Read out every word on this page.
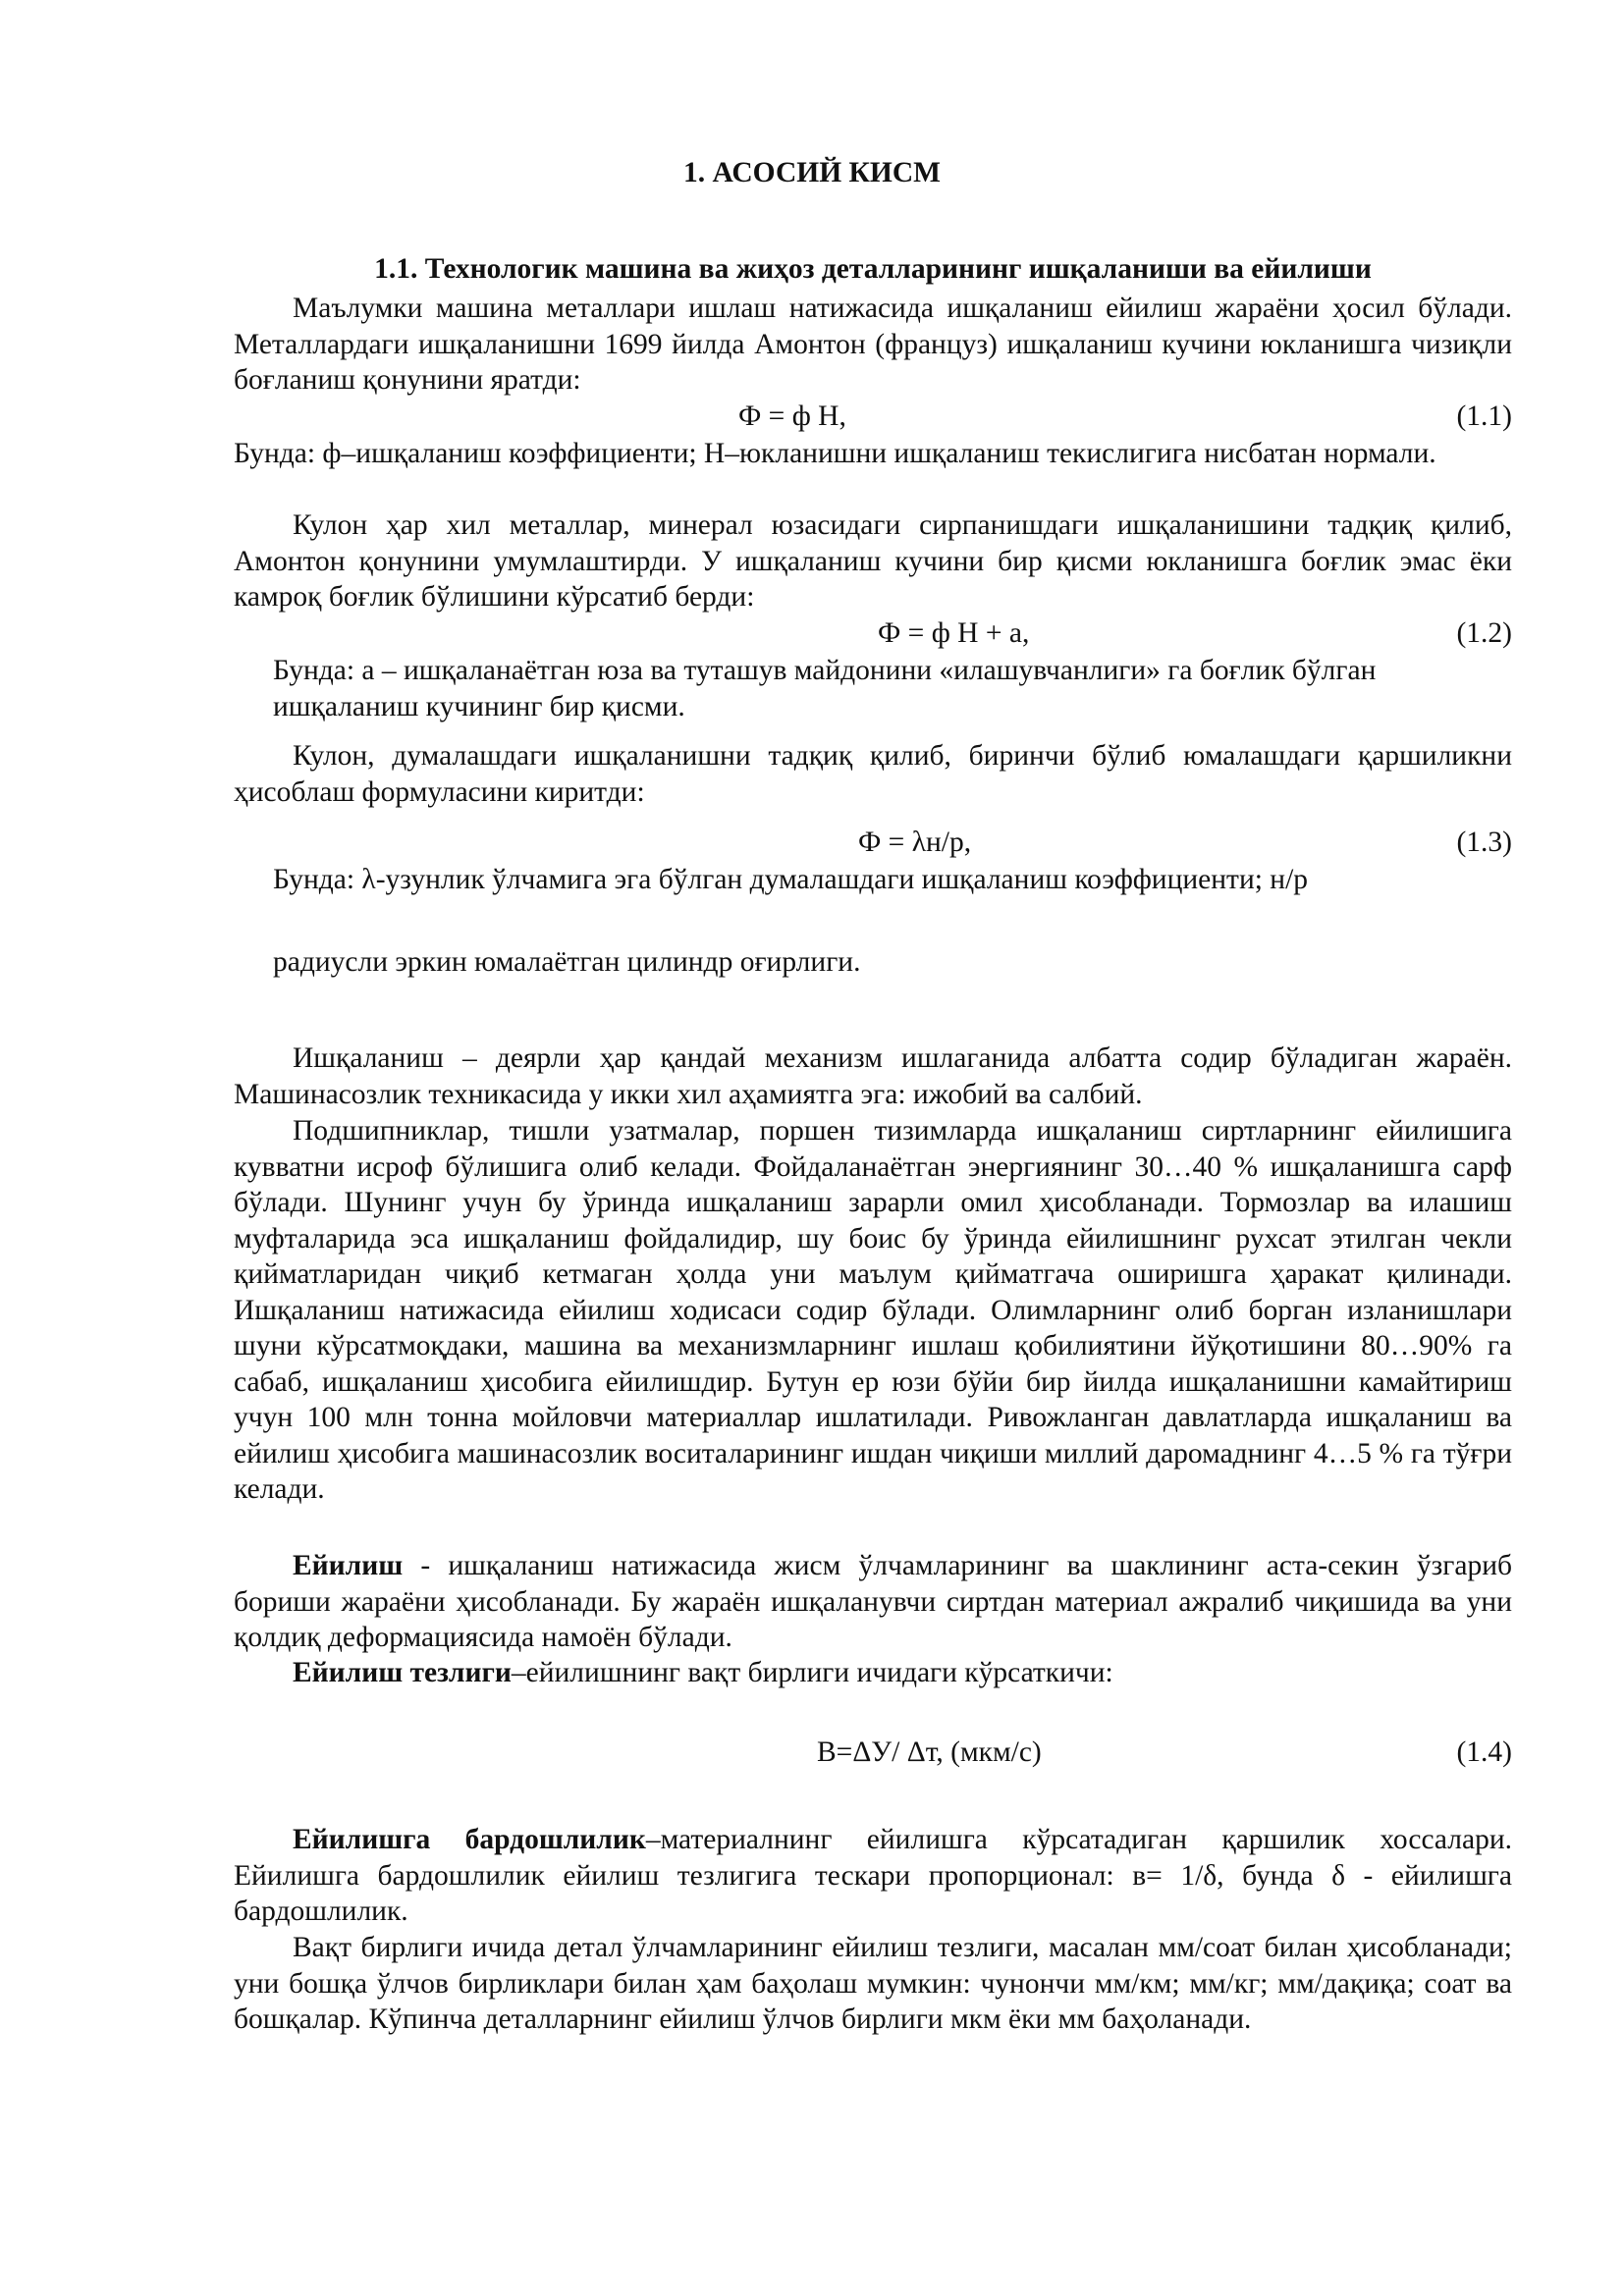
1. АСОСИЙ КИСМ
1.1. Технологик машина ва жиҳоз деталларининг ишқаланиши ва ейилиши

Маълумки машина металлари ишлаш натижасида ишқаланиш ейилиш жараёни ҳосил бўлади. Металлардаги ишқаланишни 1699 йилда Амонтон (француз) ишқаланиш кучини юкланишга чизиқли боғланиш қонунини яратди:

Ф = ф Н,	(1.1)

Бунда: ф–ишқаланиш коэффициенти; Н–юкланишни ишқаланиш текислигига нисбатан нормали.

Кулон ҳар хил металлар, минерал юзасидаги сирпанишдаги ишқаланишини тадқиқ қилиб, Амонтон қонунини умумлаштирди. У ишқаланиш кучини бир қисми юкланишга боғлик эмас ёки камроқ боғлик бўлишини кўрсатиб берди:

Ф = ф Н + а,	(1.2)

Бунда: а – ишқаланаётган юза ва туташув майдонини «илашувчанлиги» га боғлик бўлган ишқаланиш кучининг бир қисми.

Кулон, думалашдаги ишқаланишни тадқиқ қилиб, биринчи бўлиб юмалашдаги қаршиликни ҳисоблаш формуласини киритди:

Ф = λн/р,	(1.3)

Бунда: λ-узунлик ўлчамига эга бўлган думалашдаги ишқаланиш коэффициенти; н/р

радиусли эркин юмалаётган цилиндр оғирлиги.

Ишқаланиш – деярли ҳар қандай механизм ишлаганида албатта содир бўладиган жараён. Машинасозлик техникасида у икки хил аҳамиятга эга: ижобий ва салбий.

Подшипниклар, тишли узатмалар, поршен тизимларда ишқаланиш сиртларнинг ейилишига кувватни исроф бўлишига олиб келади. Фойдаланаётган энергиянинг 30…40 % ишқаланишга сарф бўлади. Шунинг учун бу ўринда ишқаланиш зарарли омил ҳисобланади. Тормозлар ва илашиш муфталарида эса ишқаланиш фойдалидир, шу боис бу ўринда ейилишнинг рухсат этилган чекли қийматларидан чиқиб кетмаган ҳолда уни маълум қийматгача оширишга ҳаракат қилинади. Ишқаланиш натижасида ейилиш ходисаси содир бўлади. Олимларнинг олиб борган изланишлари шуни кўрсатмоқдаки, машина ва механизмларнинг ишлаш қобилиятини йўқотишини 80…90% га сабаб, ишқаланиш ҳисобига ейилишдир. Бутун ер юзи бўйи бир йилда ишқаланишни камайтириш учун 100 млн тонна мойловчи материаллар ишлатилади. Ривожланган давлатларда ишқаланиш ва ейилиш ҳисобига машинасозлик воситаларининг ишдан чиқиши миллий даромаднинг 4…5 % га тўғри келади.

Ейилиш - ишқаланиш натижасида жисм ўлчамларининг ва шаклининг аста-секин ўзгариб бориши жараёни ҳисобланади. Бу жараён ишқаланувчи сиртдан материал ажралиб чиқишида ва уни қолдиқ деформациясида намоён бўлади.

Ейилиш тезлиги–ейилишнинг вақт бирлиги ичидаги кўрсаткичи:

В=ΔУ/ Δт, (мкм/с)	(1.4)

Ейилишга бардошлилик–материалнинг ейилишга кўрсатадиган қаршилик хоссалари. Ейилишга бардошлилик ейилиш тезлигига тескари пропорционал: в= 1/δ, бунда δ - ейилишга бардошлилик.

Вақт бирлиги ичида детал ўлчамларининг ейилиш тезлиги, масалан мм/соат билан ҳисобланади; уни бошқа ўлчов бирликлари билан ҳам баҳолаш мумкин: чунончи мм/км; мм/кг; мм/дақиқа; соат ва бошқалар. Кўпинча деталларнинг ейилиш ўлчов бирлиги мкм ёки мм баҳоланади.
